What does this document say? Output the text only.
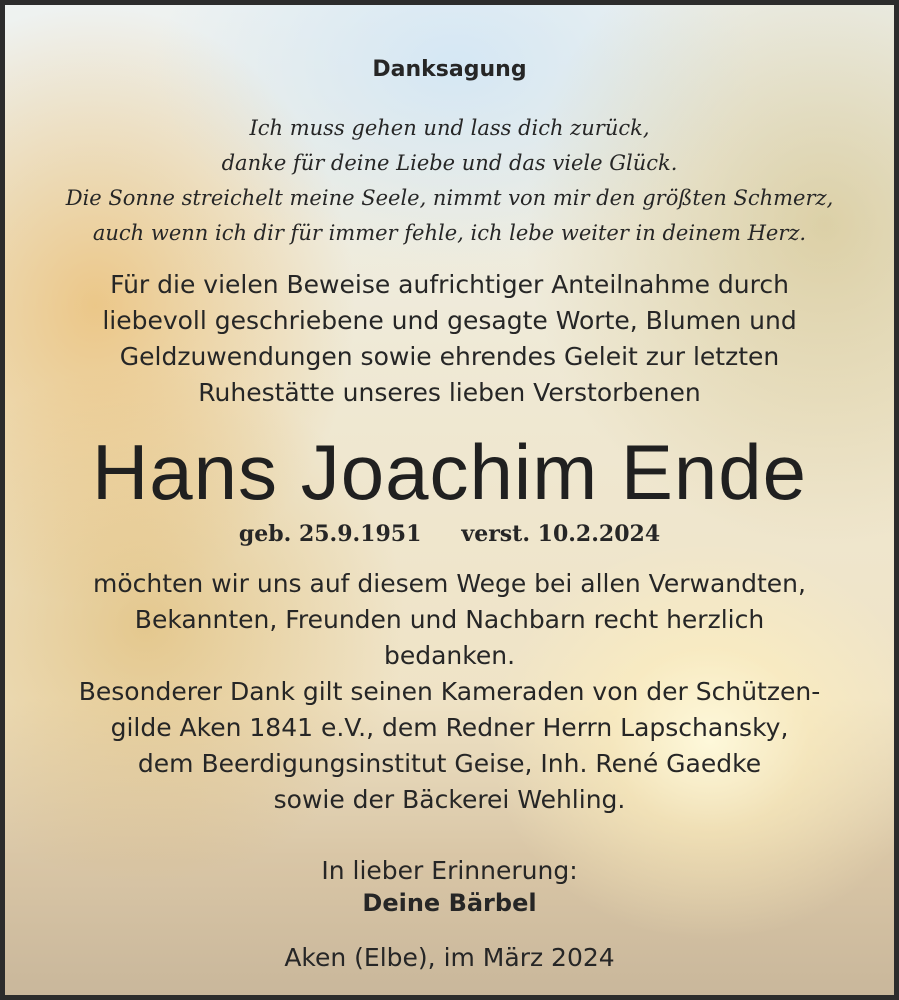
Danksagung
Ich muss gehen und lass dich zurück,
danke für deine Liebe und das viele Glück.
Die Sonne streichelt meine Seele, nimmt von mir den größten Schmerz,
auch wenn ich dir für immer fehle, ich lebe weiter in deinem Herz.
Für die vielen Beweise aufrichtiger Anteilnahme durch
liebevoll geschriebene und gesagte Worte, Blumen und
Geldzuwendungen sowie ehrendes Geleit zur letzten
Ruhestätte unseres lieben Verstorbenen
Hans Joachim Ende
geb. 25.9.1951 verst. 10.2.2024
möchten wir uns auf diesem Wege bei allen Verwandten,
Bekannten, Freunden und Nachbarn recht herzlich
bedanken.
Besonderer Dank gilt seinen Kameraden von der Schützen-
gilde Aken 1841 e.V., dem Redner Herrn Lapschansky,
dem Beerdigungsinstitut Geise, Inh. René Gaedke
sowie der Bäckerei Wehling.
In lieber Erinnerung:
Deine Bärbel
Aken (Elbe), im März 2024
